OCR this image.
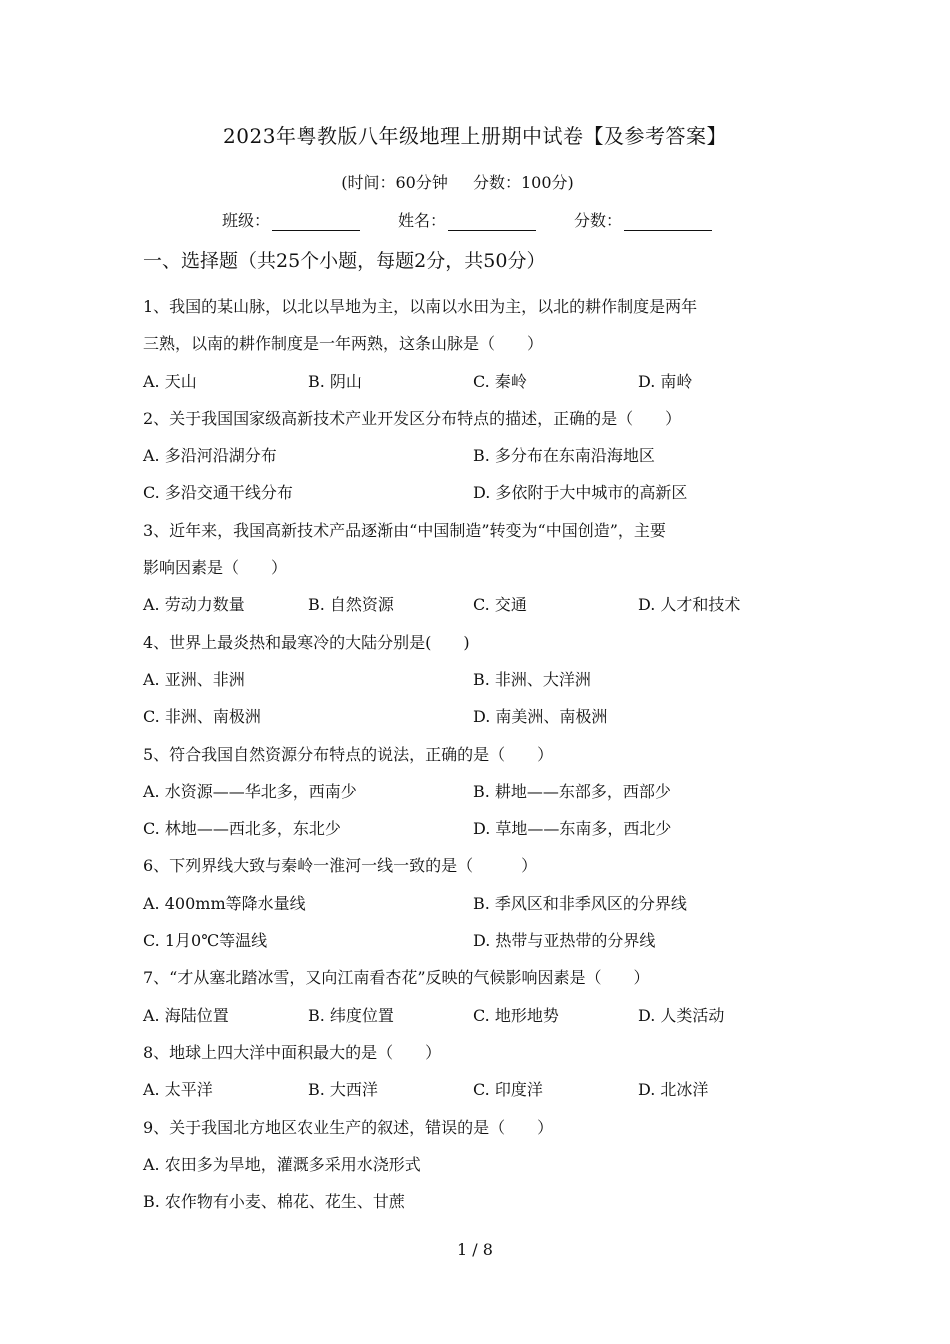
2023年粤教版八年级地理上册期中试卷【及参考答案】
(时间：60分钟 分数：100分)
班级：	姓名：	分数：
一、选择题（共25个小题，每题2分，共50分）
1、我国的某山脉，以北以旱地为主，以南以水田为主，以北的耕作制度是两年
三熟，以南的耕作制度是一年两熟，这条山脉是（　　）
A. 天山	B. 阴山	C. 秦岭	D. 南岭
2、关于我国国家级高新技术产业开发区分布特点的描述，正确的是（　　）
A. 多沿河沿湖分布	B. 多分布在东南沿海地区
C. 多沿交通干线分布	D. 多依附于大中城市的高新区
3、近年来，我国高新技术产品逐渐由“中国制造”转变为“中国创造”，主要
影响因素是（　　）
A. 劳动力数量	B. 自然资源	C. 交通	D. 人才和技术
4、世界上最炎热和最寒冷的大陆分别是(　　)
A. 亚洲、非洲	B. 非洲、大洋洲
C. 非洲、南极洲	D. 南美洲、南极洲
5、符合我国自然资源分布特点的说法，正确的是（　　）
A. 水资源——华北多，西南少	B. 耕地——东部多，西部少
C. 林地——西北多，东北少	D. 草地——东南多，西北少
6、下列界线大致与秦岭一淮河一线一致的是（　　　）
A. 400mm等降水量线	B. 季风区和非季风区的分界线
C. 1月0℃等温线	D. 热带与亚热带的分界线
7、“才从塞北踏冰雪，又向江南看杏花”反映的气候影响因素是（　　）
A. 海陆位置	B. 纬度位置	C. 地形地势	D. 人类活动
8、地球上四大洋中面积最大的是（　　）
A. 太平洋	B. 大西洋	C. 印度洋	D. 北冰洋
9、关于我国北方地区农业生产的叙述，错误的是（　　）
A. 农田多为旱地，灌溉多采用水浇形式
B. 农作物有小麦、棉花、花生、甘蔗
1 / 8
